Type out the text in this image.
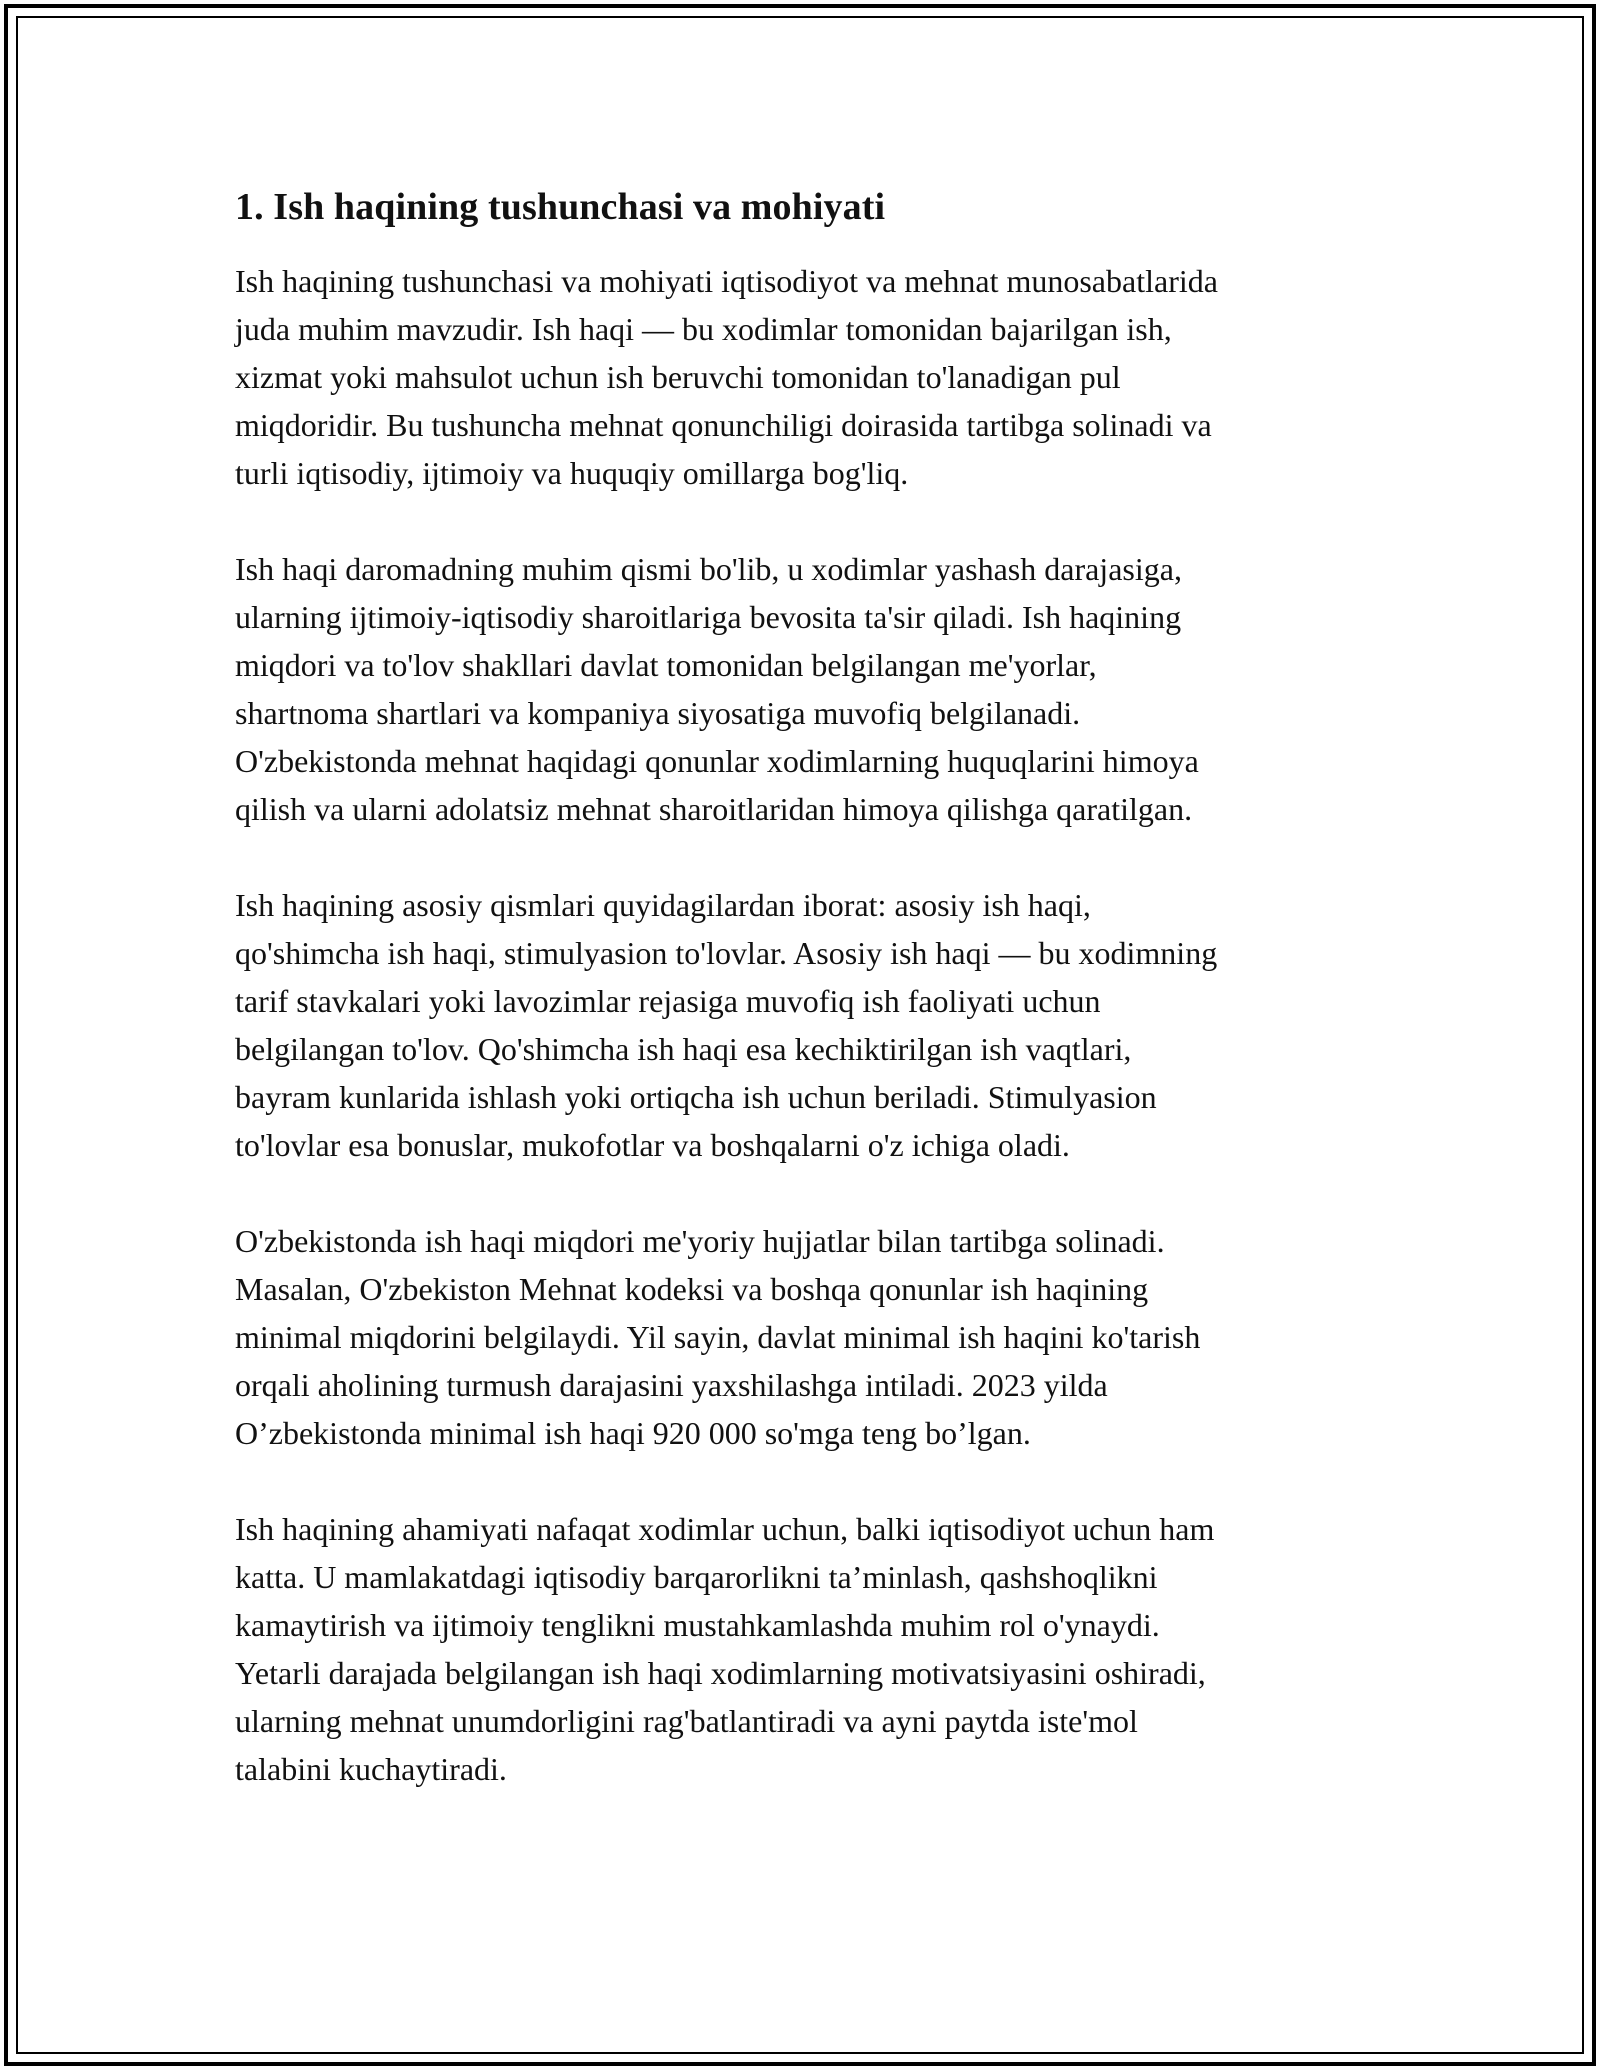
1. Ish haqining tushunchasi va mohiyati
Ish haqining tushunchasi va mohiyati iqtisodiyot va mehnat munosabatlarida
juda muhim mavzudir. Ish haqi — bu xodimlar tomonidan bajarilgan ish,
xizmat yoki mahsulot uchun ish beruvchi tomonidan to'lanadigan pul
miqdoridir. Bu tushuncha mehnat qonunchiligi doirasida tartibga solinadi va
turli iqtisodiy, ijtimoiy va huquqiy omillarga bog'liq.
Ish haqi daromadning muhim qismi bo'lib, u xodimlar yashash darajasiga,
ularning ijtimoiy-iqtisodiy sharoitlariga bevosita ta'sir qiladi. Ish haqining
miqdori va to'lov shakllari davlat tomonidan belgilangan me'yorlar,
shartnoma shartlari va kompaniya siyosatiga muvofiq belgilanadi.
O'zbekistonda mehnat haqidagi qonunlar xodimlarning huquqlarini himoya
qilish va ularni adolatsiz mehnat sharoitlaridan himoya qilishga qaratilgan.
Ish haqining asosiy qismlari quyidagilardan iborat: asosiy ish haqi,
qo'shimcha ish haqi, stimulyasion to'lovlar. Asosiy ish haqi — bu xodimning
tarif stavkalari yoki lavozimlar rejasiga muvofiq ish faoliyati uchun
belgilangan to'lov. Qo'shimcha ish haqi esa kechiktirilgan ish vaqtlari,
bayram kunlarida ishlash yoki ortiqcha ish uchun beriladi. Stimulyasion
to'lovlar esa bonuslar, mukofotlar va boshqalarni o'z ichiga oladi.
O'zbekistonda ish haqi miqdori me'yoriy hujjatlar bilan tartibga solinadi.
Masalan, O'zbekiston Mehnat kodeksi va boshqa qonunlar ish haqining
minimal miqdorini belgilaydi. Yil sayin, davlat minimal ish haqini ko'tarish
orqali aholining turmush darajasini yaxshilashga intiladi. 2023 yilda
O’zbekistonda minimal ish haqi 920 000 so'mga teng bo’lgan.
Ish haqining ahamiyati nafaqat xodimlar uchun, balki iqtisodiyot uchun ham
katta. U mamlakatdagi iqtisodiy barqarorlikni ta’minlash, qashshoqlikni
kamaytirish va ijtimoiy tenglikni mustahkamlashda muhim rol o'ynaydi.
Yetarli darajada belgilangan ish haqi xodimlarning motivatsiyasini oshiradi,
ularning mehnat unumdorligini rag'batlantiradi va ayni paytda iste'mol
talabini kuchaytiradi.
